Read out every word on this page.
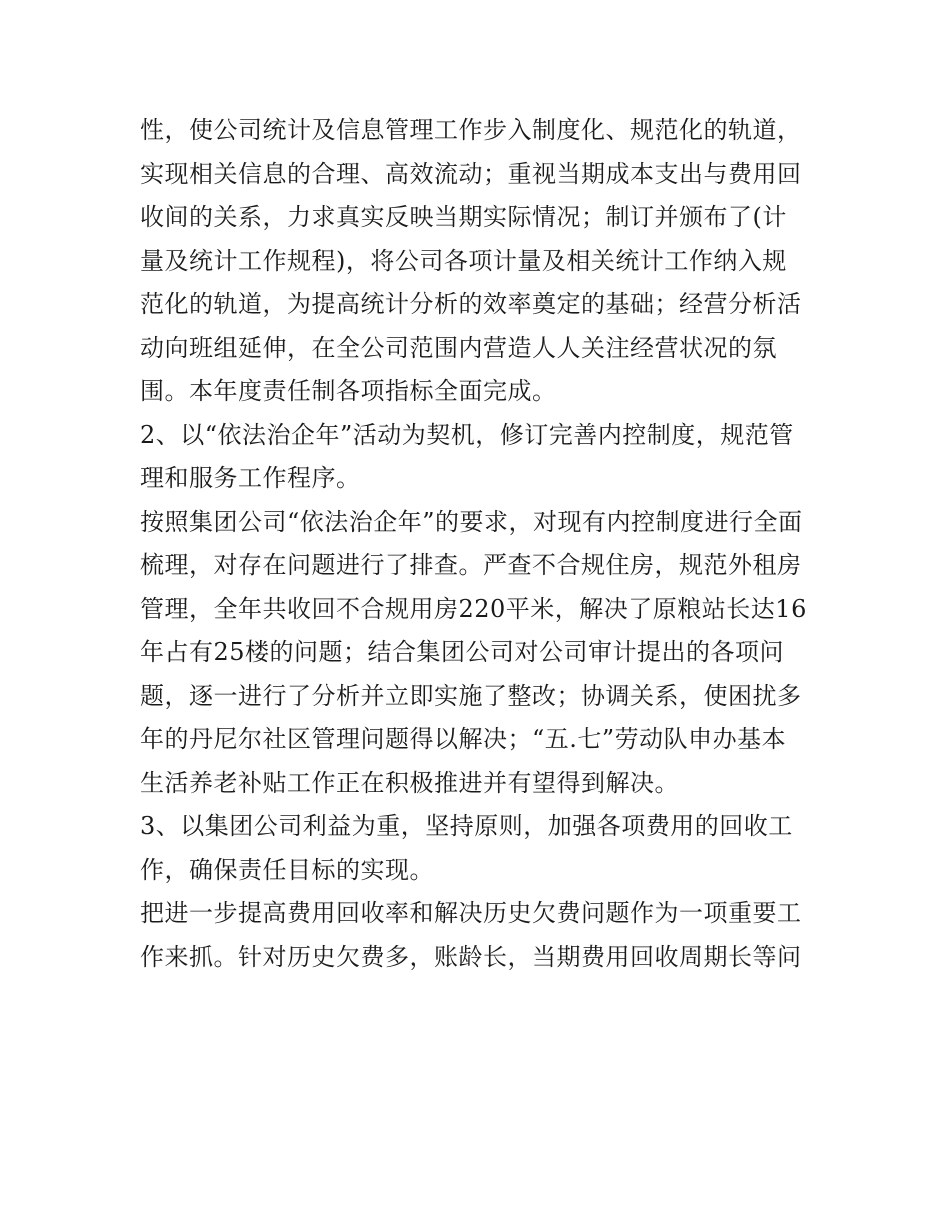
性，使公司统计及信息管理工作步入制度化、规范化的轨道，
实现相关信息的合理、高效流动；重视当期成本支出与费用回
收间的关系，力求真实反映当期实际情况；制订并颁布了(计
量及统计工作规程)，将公司各项计量及相关统计工作纳入规
范化的轨道，为提高统计分析的效率奠定的基础；经营分析活
动向班组延伸，在全公司范围内营造人人关注经营状况的氛
围。本年度责任制各项指标全面完成。
2、以“依法治企年”活动为契机，修订完善内控制度，规范管
理和服务工作程序。
按照集团公司“依法治企年”的要求，对现有内控制度进行全面
梳理，对存在问题进行了排查。严查不合规住房，规范外租房
管理，全年共收回不合规用房220平米，解决了原粮站长达16
年占有25楼的问题；结合集团公司对公司审计提出的各项问
题，逐一进行了分析并立即实施了整改；协调关系，使困扰多
年的丹尼尔社区管理问题得以解决；“五.七”劳动队申办基本
生活养老补贴工作正在积极推进并有望得到解决。
3、以集团公司利益为重，坚持原则，加强各项费用的回收工
作，确保责任目标的实现。
把进一步提高费用回收率和解决历史欠费问题作为一项重要工
作来抓。针对历史欠费多，账龄长，当期费用回收周期长等问
